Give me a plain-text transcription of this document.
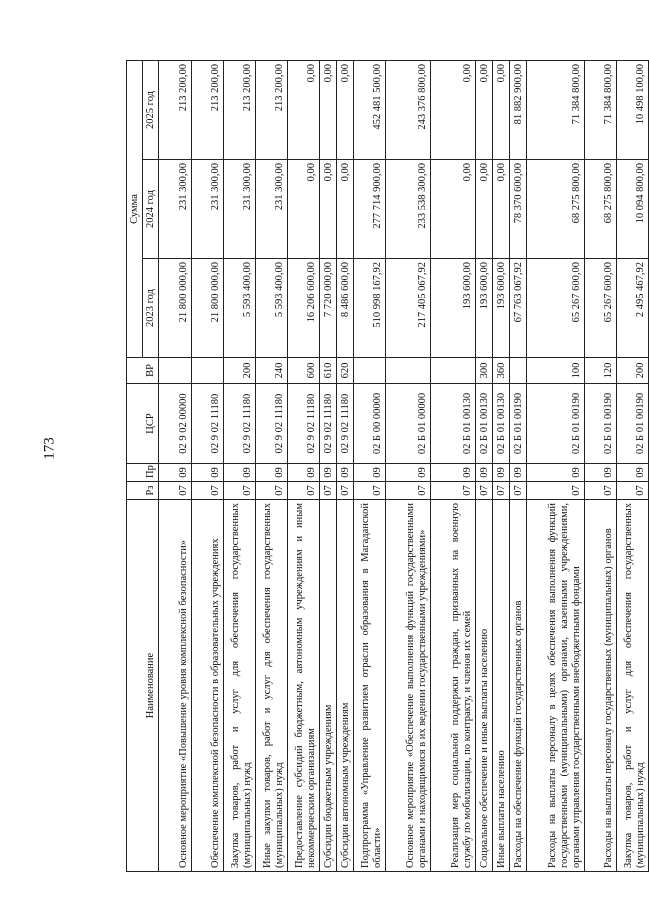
173
Наименование	Рз	Пр	ЦСР	ВР	Сумма		
					2023 год	2024 год	2025 год
Основное мероприятие «Повышение уровня комплексной безопасности»	07	09	02 9 02 00000		21 800 000,00	231 300,00	213 200,00
Обеспечение комплексной безопасности в образовательных учреждениях	07	09	02 9 02 11180		21 800 000,00	231 300,00	213 200,00
Закупка товаров, работ и услуг для обеспечения государственных (муниципальных) нужд	07	09	02 9 02 11180	200	5 593 400,00	231 300,00	213 200,00
Иные закупки товаров, работ и услуг для обеспечения государственных (муниципальных) нужд	07	09	02 9 02 11180	240	5 593 400,00	231 300,00	213 200,00
Предоставление субсидий бюджетным, автономным учреждениям и иным некоммерческим организациям	07	09	02 9 02 11180	600	16 206 600,00	0,00	0,00
Субсидии бюджетным учреждениям	07	09	02 9 02 11180	610	7 720 000,00	0,00	0,00
Субсидии автономным учреждениям	07	09	02 9 02 11180	620	8 486 600,00	0,00	0,00
Подпрограмма «Управление развитием отрасли образования в Магаданской области»	07	09	02 Б 00 00000		510 998 167,92	277 714 900,00	452 481 500,00
Основное мероприятие «Обеспечение выполнения функций государственными органами и находящимися в их ведении государственными учреждениями»	07	09	02 Б 01 00000		217 405 067,92	233 538 300,00	243 376 800,00
Реализация мер социальной поддержки граждан, призванных на военную службу по мобилизации, по контракту, и членов их семей	07	09	02 Б 01 00130		193 600,00	0,00	0,00
Социальное обеспечение и иные выплаты населению	07	09	02 Б 01 00130	300	193 600,00	0,00	0,00
Иные выплаты населению	07	09	02 Б 01 00130	360	193 600,00	0,00	0,00
Расходы на обеспечение функций государственных органов	07	09	02 Б 01 00190		67 763 067,92	78 370 600,00	81 882 900,00
Расходы на выплаты персоналу в целях обеспечения выполнения функций государственными (муниципальными) органами, казенными учреждениями, органами управления государственными внебюджетными фондами	07	09	02 Б 01 00190	100	65 267 600,00	68 275 800,00	71 384 800,00
Расходы на выплаты персоналу государственных (муниципальных) органов	07	09	02 Б 01 00190	120	65 267 600,00	68 275 800,00	71 384 800,00
Закупка товаров, работ и услуг для обеспечения государственных (муниципальных) нужд	07	09	02 Б 01 00190	200	2 495 467,92	10 094 800,00	10 498 100,00
